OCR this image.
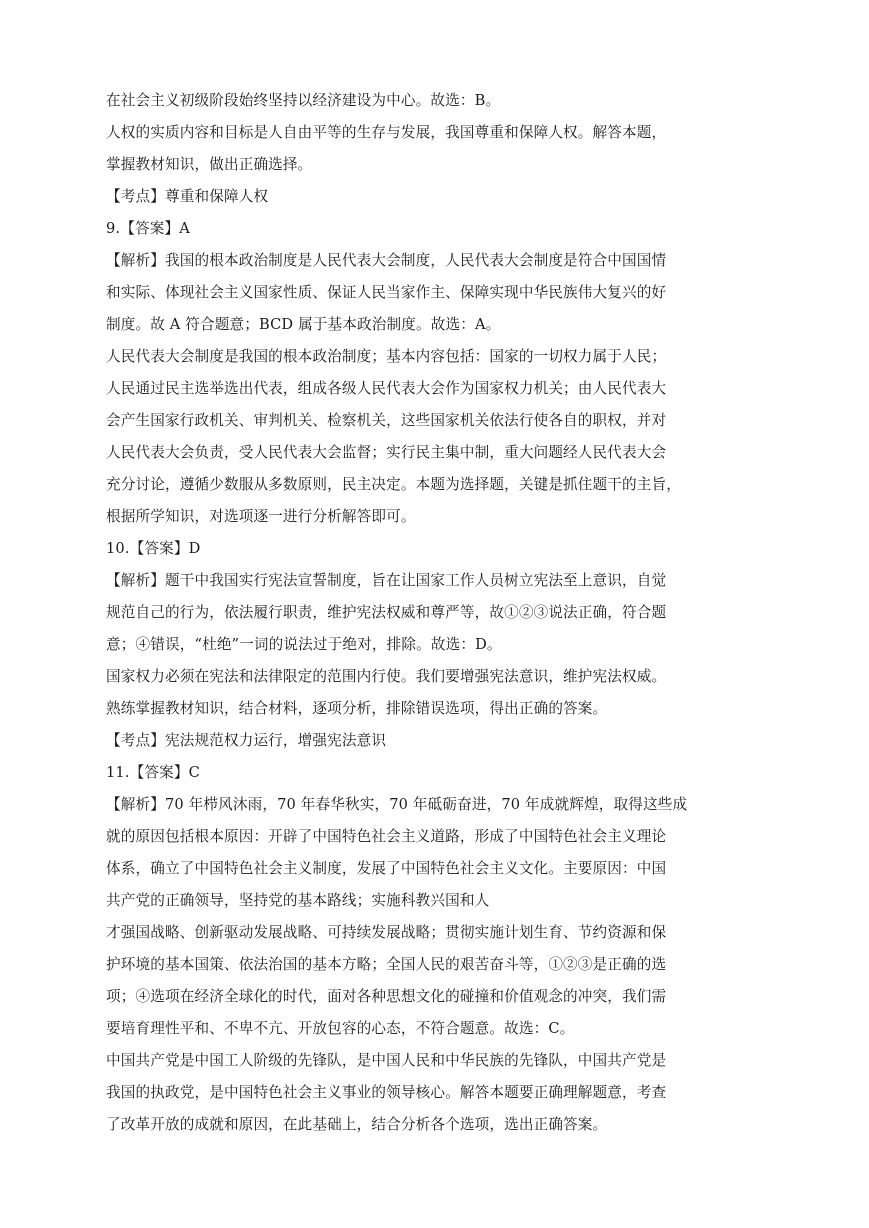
在社会主义初级阶段始终坚持以经济建设为中心。故选：B。
人权的实质内容和目标是人自由平等的生存与发展，我国尊重和保障人权。解答本题，
掌握教材知识，做出正确选择。
【考点】尊重和保障人权
9.【答案】A
【解析】我国的根本政治制度是人民代表大会制度，人民代表大会制度是符合中国国情
和实际、体现社会主义国家性质、保证人民当家作主、保障实现中华民族伟大复兴的好
制度。故 A 符合题意；BCD 属于基本政治制度。故选：A。
人民代表大会制度是我国的根本政治制度；基本内容包括：国家的一切权力属于人民；
人民通过民主选举选出代表，组成各级人民代表大会作为国家权力机关；由人民代表大
会产生国家行政机关、审判机关、检察机关，这些国家机关依法行使各自的职权，并对
人民代表大会负责，受人民代表大会监督；实行民主集中制，重大问题经人民代表大会
充分讨论，遵循少数服从多数原则，民主决定。本题为选择题，关键是抓住题干的主旨，
根据所学知识，对选项逐一进行分析解答即可。
10.【答案】D
【解析】题干中我国实行宪法宣誓制度，旨在让国家工作人员树立宪法至上意识，自觉
规范自己的行为，依法履行职责，维护宪法权威和尊严等，故①②③说法正确，符合题
意；④错误，“杜绝”一词的说法过于绝对，排除。故选：D。
国家权力必须在宪法和法律限定的范围内行使。我们要增强宪法意识，维护宪法权威。
熟练掌握教材知识，结合材料，逐项分析，排除错误选项，得出正确的答案。
【考点】宪法规范权力运行，增强宪法意识
11.【答案】C
【解析】70 年栉风沐雨，70 年春华秋实，70 年砥砺奋进，70 年成就辉煌，取得这些成
就的原因包括根本原因：开辟了中国特色社会主义道路，形成了中国特色社会主义理论
体系，确立了中国特色社会主义制度，发展了中国特色社会主义文化。主要原因：中国
共产党的正确领导，坚持党的基本路线；实施科教兴国和人
才强国战略、创新驱动发展战略、可持续发展战略；贯彻实施计划生育、节约资源和保
护环境的基本国策、依法治国的基本方略；全国人民的艰苦奋斗等，①②③是正确的选
项；④选项在经济全球化的时代，面对各种思想文化的碰撞和价值观念的冲突，我们需
要培育理性平和、不卑不亢、开放包容的心态，不符合题意。故选：C。
中国共产党是中国工人阶级的先锋队，是中国人民和中华民族的先锋队，中国共产党是
我国的执政党，是中国特色社会主义事业的领导核心。解答本题要正确理解题意，考查
了改革开放的成就和原因，在此基础上，结合分析各个选项，选出正确答案。
